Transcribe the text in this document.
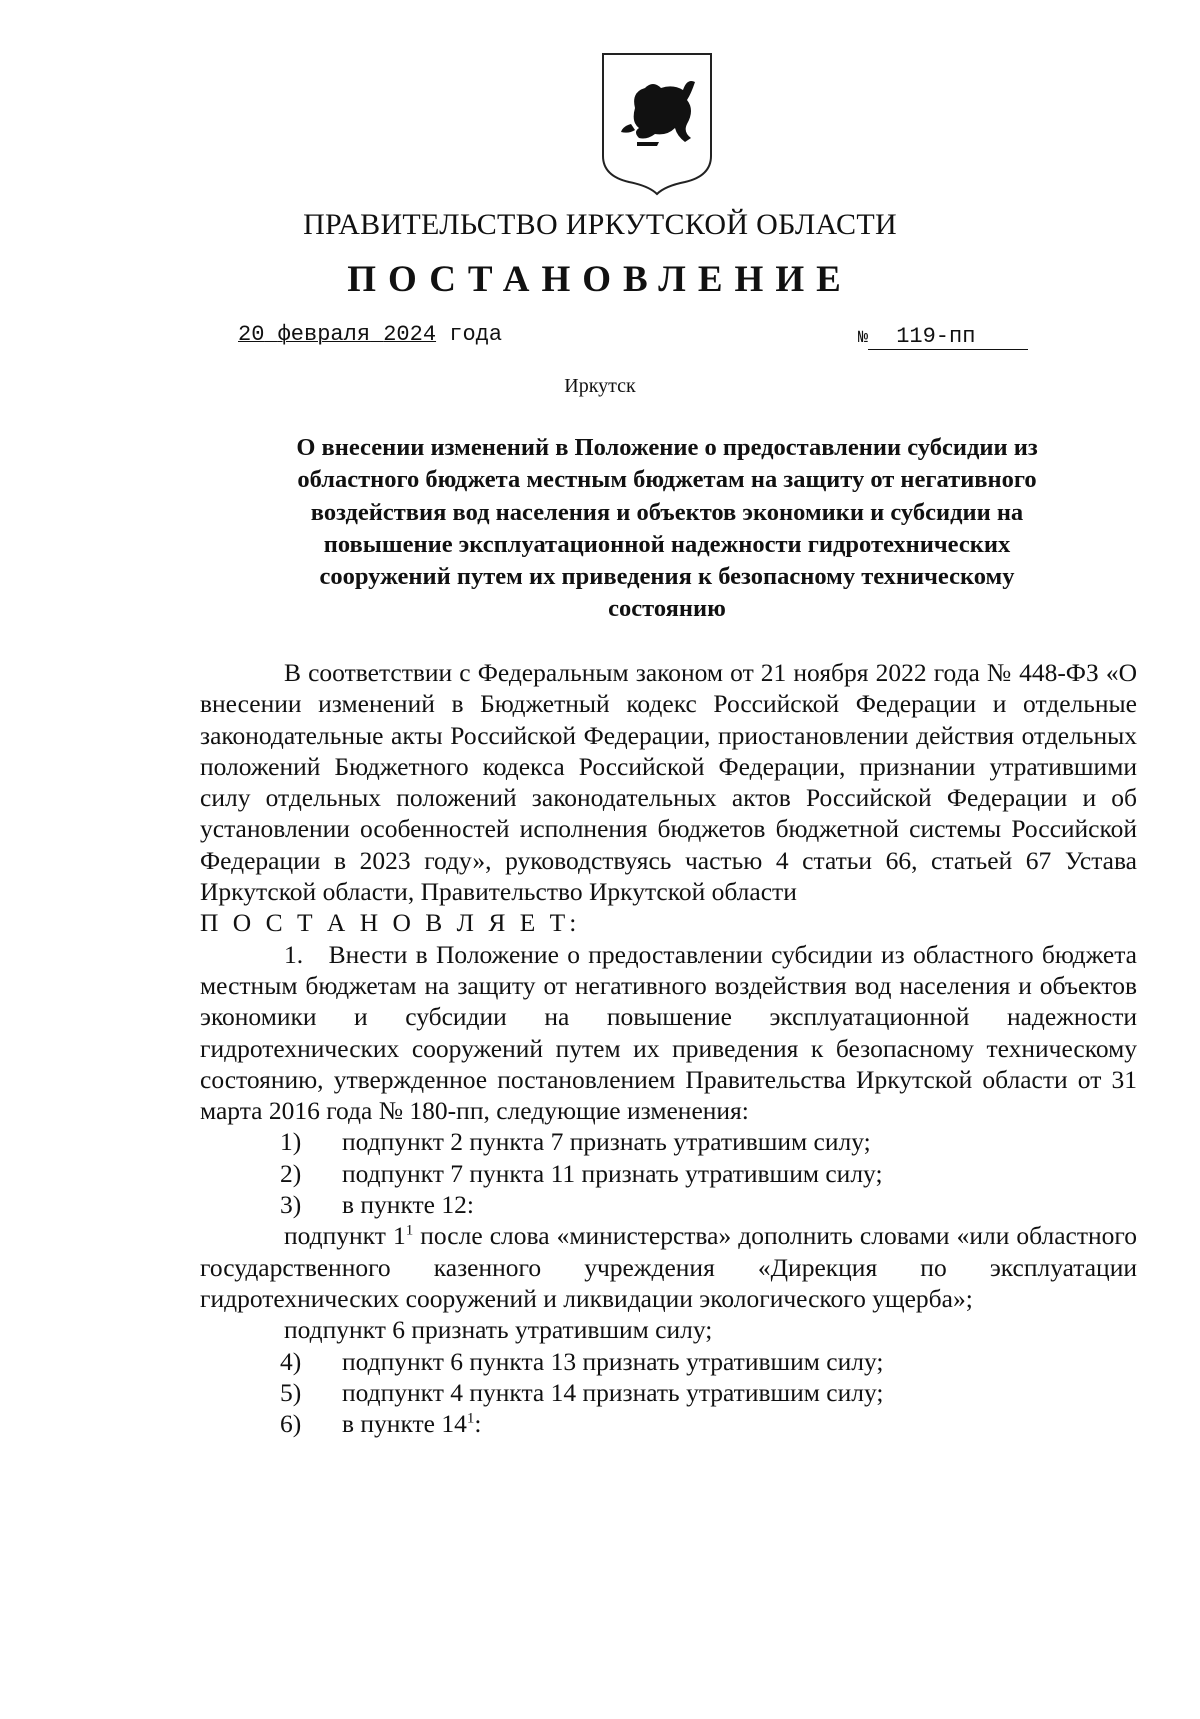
ПРАВИТЕЛЬСТВО ИРКУТСКОЙ ОБЛАСТИ
ПОСТАНОВЛЕНИЕ
20 февраля 2024 года	№ 119-пп
Иркутск
О внесении изменений в Положение о предоставлении субсидии из
областного бюджета местным бюджетам на защиту от негативного
воздействия вод населения и объектов экономики и субсидии на
повышение эксплуатационной надежности гидротехнических
сооружений путем их приведения к безопасному техническому
состоянию
В соответствии с Федеральным законом от 21 ноября 2022 года № 448-ФЗ «О внесении изменений в Бюджетный кодекс Российской Федерации и отдельные законодательные акты Российской Федерации, приостановлении действия отдельных положений Бюджетного кодекса Российской Федерации, признании утратившими силу отдельных положений законодательных актов Российской Федерации и об установлении особенностей исполнения бюджетов бюджетной системы Российской Федерации в 2023 году», руководствуясь частью 4 статьи 66, статьей 67 Устава Иркутской области, Правительство Иркутской области
П О С Т А Н О В Л Я Е Т:
1. Внести в Положение о предоставлении субсидии из областного бюджета местным бюджетам на защиту от негативного воздействия вод населения и объектов экономики и субсидии на повышение эксплуатационной надежности гидротехнических сооружений путем их приведения к безопасному техническому состоянию, утвержденное постановлением Правительства Иркутской области от 31 марта 2016 года № 180-пп, следующие изменения:
1)	подпункт 2 пункта 7 признать утратившим силу;
2)	подпункт 7 пункта 11 признать утратившим силу;
3)	в пункте 12:
подпункт $1^1$ после слова «министерства» дополнить словами «или областного государственного казенного учреждения «Дирекция по эксплуатации гидротехнических сооружений и ликвидации экологического ущерба»;
подпункт 6 признать утратившим силу;
4)	подпункт 6 пункта 13 признать утратившим силу;
5)	подпункт 4 пункта 14 признать утратившим силу;
6)	в пункте $14^1$:
